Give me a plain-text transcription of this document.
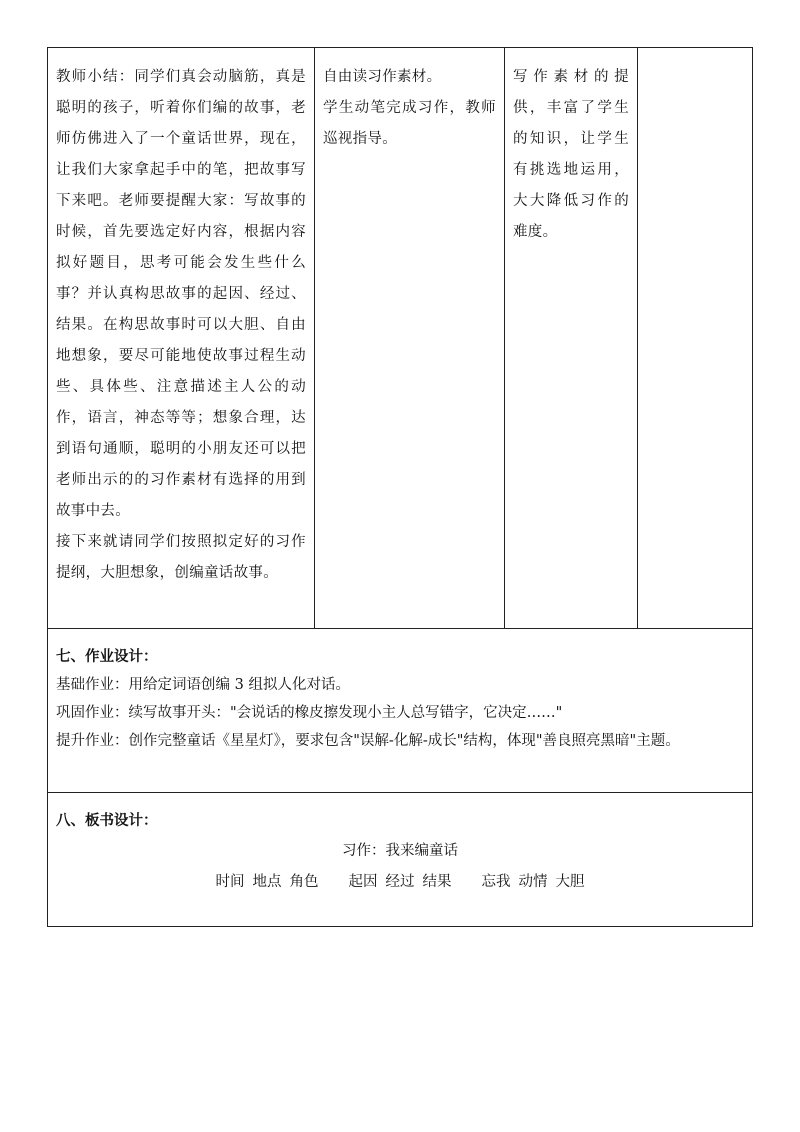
教师小结：同学们真会动脑筋，真是聪明的孩子，听着你们编的故事，老师仿佛进入了一个童话世界，现在，让我们大家拿起手中的笔，把故事写下来吧。老师要提醒大家：写故事的时候，首先要选定好内容，根据内容拟好题目，思考可能会发生些什么事？并认真构思故事的起因、经过、结果。在构思故事时可以大胆、自由地想象，要尽可能地使故事过程生动些、具体些、注意描述主人公的动作，语言，神态等等；想象合理，达到语句通顺，聪明的小朋友还可以把老师出示的的习作素材有选择的用到故事中去。

接下来就请同学们按照拟定好的习作提纲，大胆想象，创编童话故事。

自由读习作素材。

学生动笔完成习作，教师巡视指导。

写作素材的提供，丰富了学生的知识，让学生有挑选地运用，大大降低习作的难度。

七、作业设计：

基础作业：用给定词语创编 3 组拟人化对话。

巩固作业：续写故事开头："会说话的橡皮擦发现小主人总写错字，它决定……"

提升作业：创作完整童话《星星灯》，要求包含"误解-化解-成长"结构，体现"善良照亮黑暗"主题。

八、板书设计：

习作：我来编童话

时间 地点 角色 起因 经过 结果 忘我 动情 大胆
